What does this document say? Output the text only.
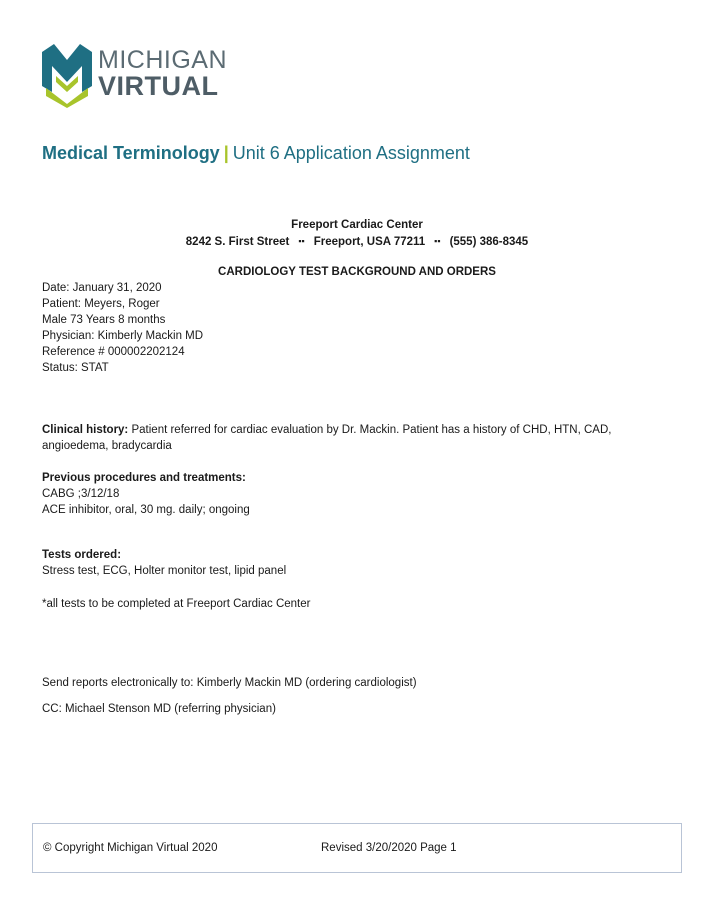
MICHIGAN
VIRTUAL
Medical Terminology | Unit 6 Application Assignment
Freeport Cardiac Center
8242 S. First Street ▪▪ Freeport, USA 77211 ▪▪ (555) 386-8345
CARDIOLOGY TEST BACKGROUND AND ORDERS
Date: January 31, 2020
Patient: Meyers, Roger
Male 73 Years 8 months
Physician: Kimberly Mackin MD
Reference # 000002202124
Status: STAT
Clinical history: Patient referred for cardiac evaluation by Dr. Mackin. Patient has a history of CHD, HTN, CAD,
angioedema, bradycardia
Previous procedures and treatments:
CABG ;3/12/18
ACE inhibitor, oral, 30 mg. daily; ongoing
Tests ordered:
Stress test, ECG, Holter monitor test, lipid panel
*all tests to be completed at Freeport Cardiac Center
Send reports electronically to: Kimberly Mackin MD (ordering cardiologist)
CC: Michael Stenson MD (referring physician)
© Copyright Michigan Virtual 2020	Revised 3/20/2020 Page 1
